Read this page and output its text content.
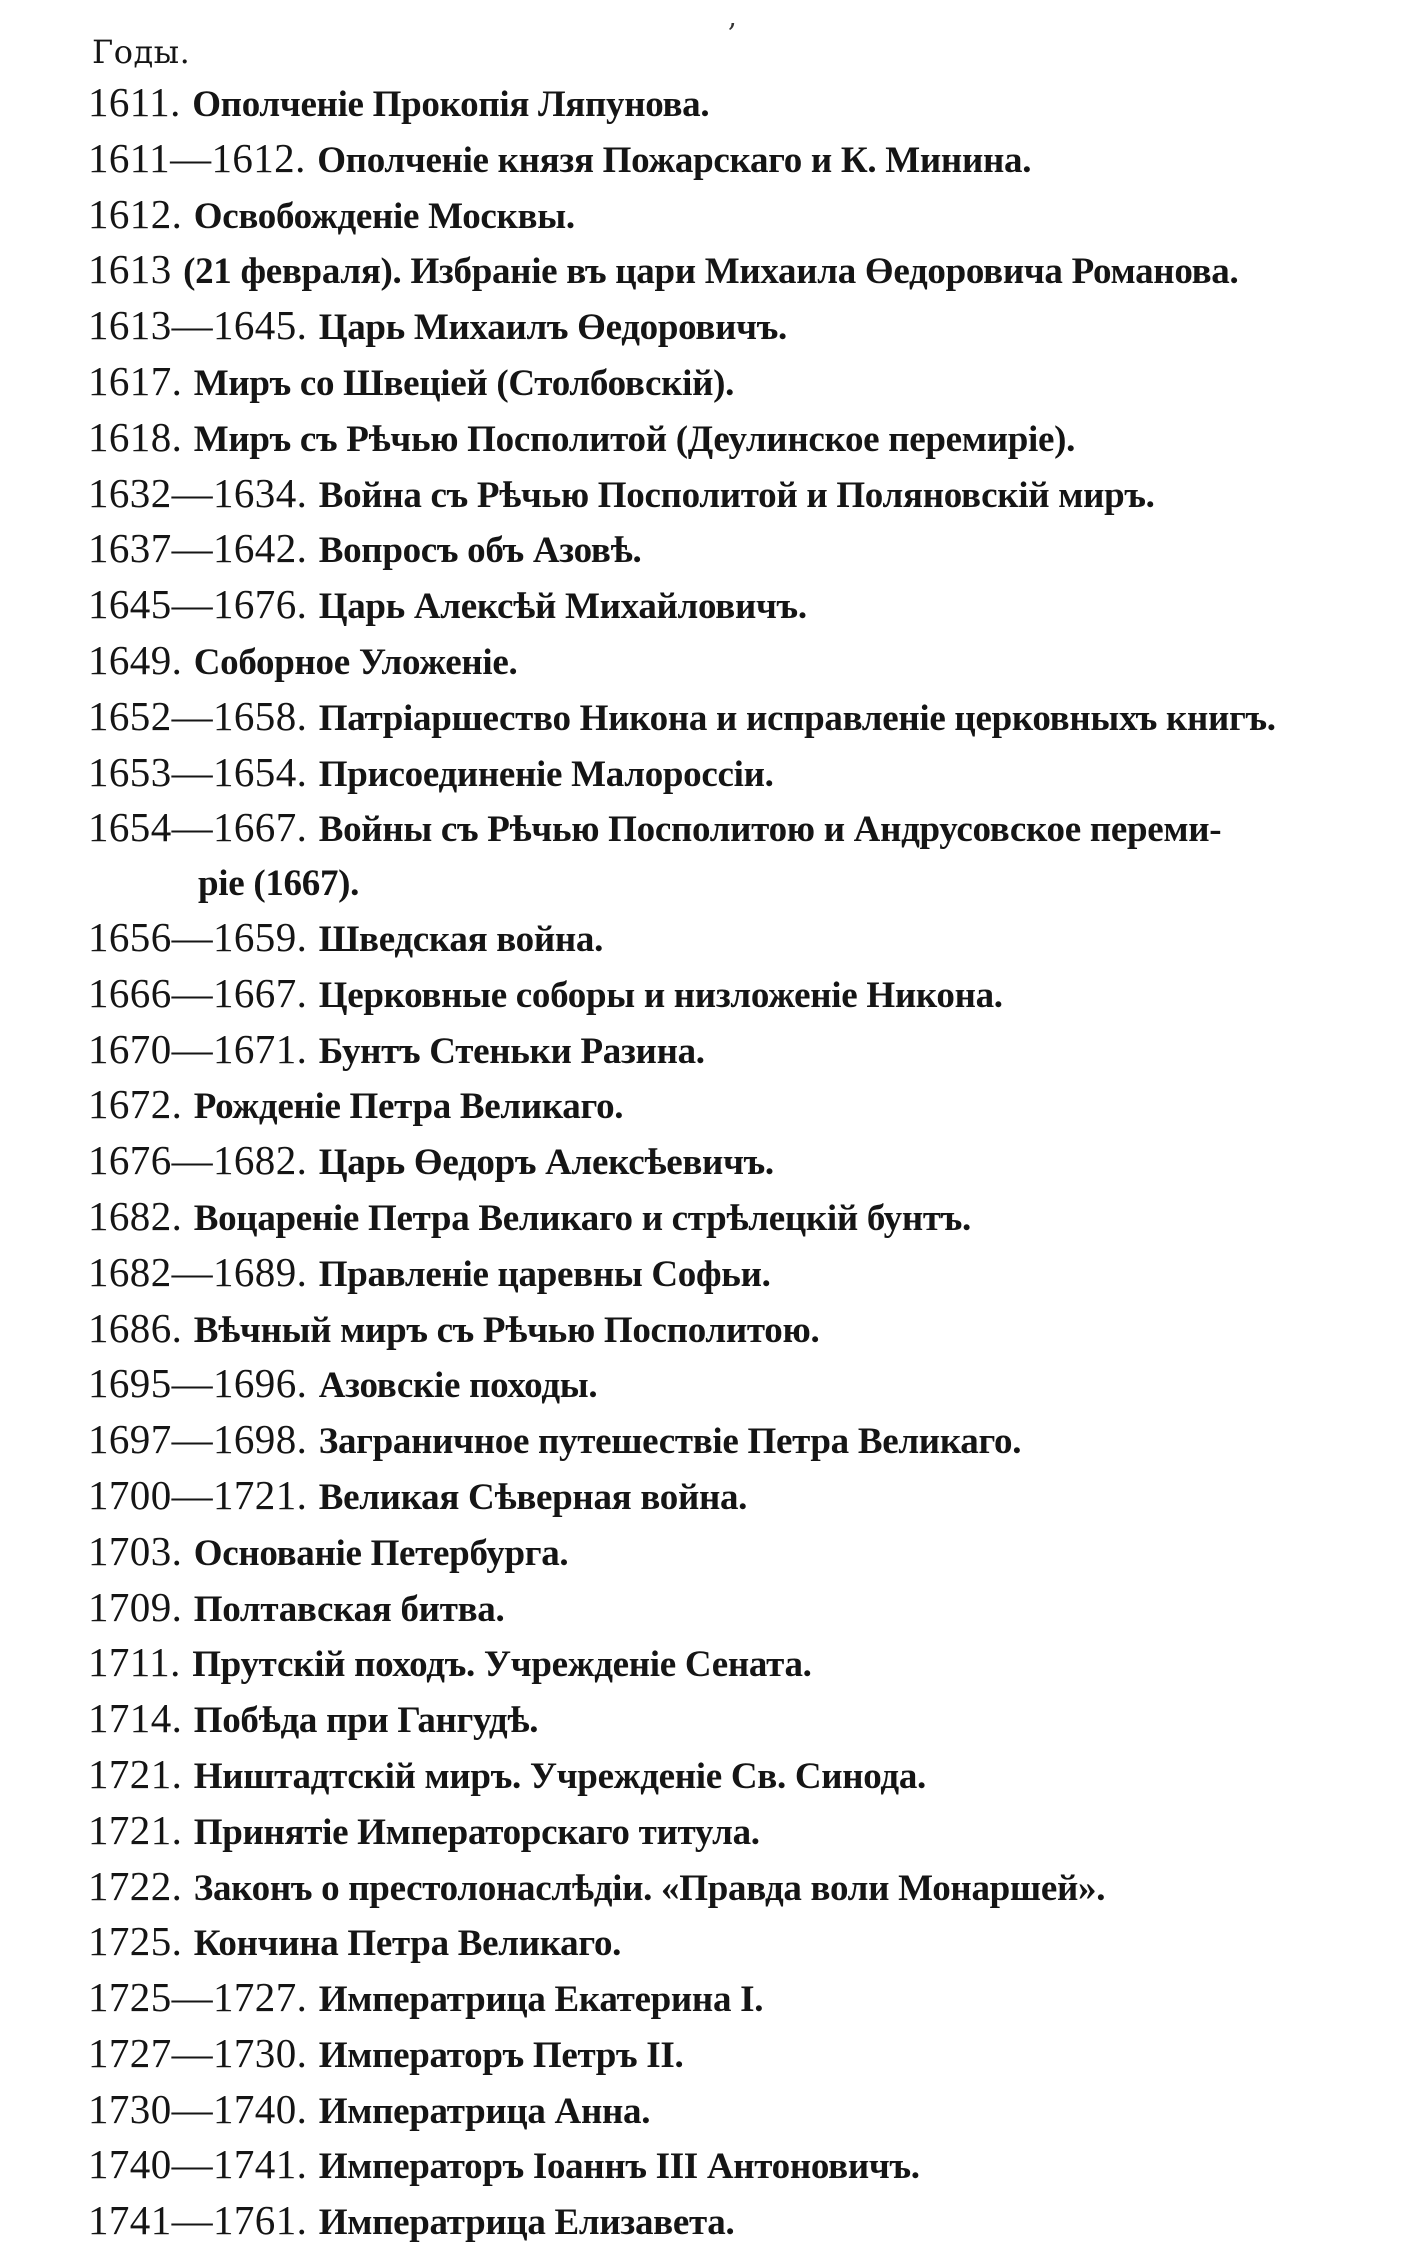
Годы.
1611. Ополченіе Прокопія Ляпунова.
1611—1612. Ополченіе князя Пожарскаго и К. Минина.
1612. Освобожденіе Москвы.
1613 (21 февраля). Избраніе въ цари Михаила Өедоровича Романова.
1613—1645. Царь Михаилъ Өедоровичъ.
1617. Миръ со Швеціей (Столбовскій).
1618. Миръ съ Рѣчью Посполитой (Деулинское перемиріе).
1632—1634. Война съ Рѣчью Посполитой и Поляновскій миръ.
1637—1642. Вопросъ объ Азовѣ.
1645—1676. Царь Алексѣй Михайловичъ.
1649. Соборное Уложеніе.
1652—1658. Патріаршество Никона и исправленіе церковныхъ книгъ.
1653—1654. Присоединеніе Малороссіи.
1654—1667. Войны съ Рѣчью Посполитою и Андрусовское переми-
ріе (1667).
1656—1659. Шведская война.
1666—1667. Церковные соборы и низложеніе Никона.
1670—1671. Бунтъ Стеньки Разина.
1672. Рожденіе Петра Великаго.
1676—1682. Царь Өедоръ Алексѣевичъ.
1682. Воцареніе Петра Великаго и стрѣлецкій бунтъ.
1682—1689. Правленіе царевны Софьи.
1686. Вѣчный миръ съ Рѣчью Посполитою.
1695—1696. Азовскіе походы.
1697—1698. Заграничное путешествіе Петра Великаго.
1700—1721. Великая Сѣверная война.
1703. Основаніе Петербурга.
1709. Полтавская битва.
1711. Прутскій походъ. Учрежденіе Сената.
1714. Побѣда при Гангудѣ.
1721. Ништадтскій миръ. Учрежденіе Св. Синода.
1721. Принятіе Императорскаго титула.
1722. Законъ о престолонаслѣдіи. «Правда воли Монаршей».
1725. Кончина Петра Великаго.
1725—1727. Императрица Екатерина I.
1727—1730. Императоръ Петръ II.
1730—1740. Императрица Анна.
1740—1741. Императоръ Іоаннъ III Антоновичъ.
1741—1761. Императрица Елизавета.
,
